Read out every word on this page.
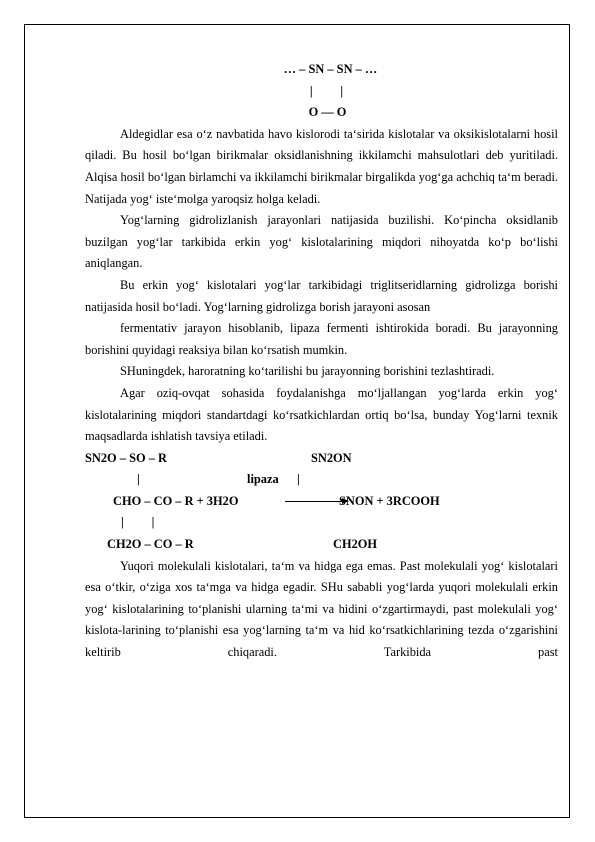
… – SN – SN – …
|         |
O –– O

Aldegidlar esa o‘z navbatida havo kislorodi ta‘sirida kislotalar va oksikislotalarni hosil qiladi. Bu hosil bo‘lgan birikmalar oksidlanishning ikkilamchi mahsulotlari deb yuritiladi. Alqisa hosil bo‘lgan birlamchi va ikkilamchi birikmalar birgalikda yog‘ga achchiq ta‘m beradi. Natijada yog‘ iste‘molga yaroqsiz holga keladi.

Yog‘larning gidrolizlanish jarayonlari natijasida buzilishi. Ko‘pincha oksidlanib buzilgan yog‘lar tarkibida erkin yog‘ kislotalarining miqdori nihoyatda ko‘p bo‘lishi aniqlangan.

Bu erkin yog‘ kislotalari yog‘lar tarkibidagi triglitseridlarning gidrolizga borishi natijasida hosil bo‘ladi. Yog‘larning gidrolizga borish jarayoni asosan

fermentativ jarayon hisoblanib, lipaza fermenti ishtirokida boradi. Bu jarayonning borishini quyidagi reaksiya bilan ko‘rsatish mumkin.

SHuningdek, haroratning ko‘tarilishi bu jarayonning borishini tezlashtiradi.

Agar oziq-ovqat sohasida foydalanishga mo‘ljallangan yog‘larda erkin yog‘ kislotalarining miqdori standartdagi ko‘rsatkichlardan ortiq bo‘lsa, bunday Yog‘larni texnik maqsadlarda ishlatish tavsiya etiladi.

SN2O – SO – R

	SN2ON

|

	lipaza

|

CHO – CO – R + 3H2O

	SNON + 3RCOOH

|         |

CH2O – CO – R

	CH2OH

Yuqori molekulali kislotalari, ta‘m va hidga ega emas. Past molekulali yog‘ kislotalari esa o‘tkir, o‘ziga xos ta‘mga va hidga egadir. SHu sababli yog‘larda yuqori molekulali erkin yog‘ kislotalarining to‘planishi ularning ta‘mi va hidini o‘zgartirmaydi, past molekulali yog‘ kislota-larining to‘planishi esa yog‘larning ta‘m va hid ko‘rsatkichlarining tezda o‘zgarishini keltirib chiqaradi. Tarkibida past
